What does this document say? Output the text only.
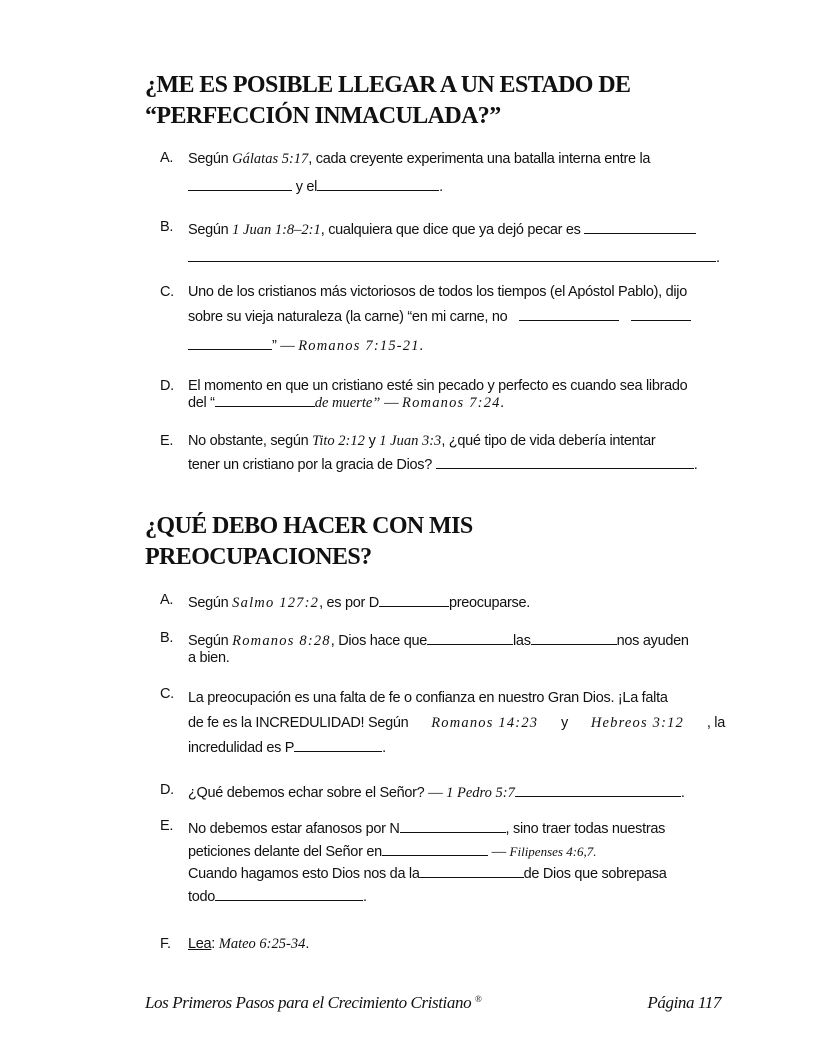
¿ME ES POSIBLE LLEGAR A UN ESTADO DE
“PERFECCIÓN INMACULADA?”
A.	Según Gálatas 5:17, cada creyente experimenta una batalla interna entre la
y el	.
B.	Según 1 Juan 1:8–2:1, cualquiera que dice que ya dejó pecar es
.
C. Uno de los cristianos más victoriosos de todos los tiempos (el Apóstol Pablo), dijo
sobre su vieja naturaleza (la carne) “en mi carne, no
” — Romanos 7:15-21.
D. El momento en que un cristiano esté sin pecado y perfecto es cuando sea librado
del “	de muerte” — Romanos 7:24.
E.	No obstante, según Tito 2:12 y 1 Juan 3:3, ¿qué tipo de vida debería intentar
tener un cristiano por la gracia de Dios?	.
¿QUÉ DEBO HACER CON MIS
PREOCUPACIONES?
A.	Según Salmo 127:2, es por D	preocuparse.
B.	Según Romanos 8:28, Dios hace que	las	nos ayuden
a bien.
C. La preocupación es una falta de fe o confianza en nuestro Gran Dios. ¡La falta
de fe es la INCREDULIDAD! Según Romanos 14:23 y Hebreos 3:12 , la
incredulidad es P	.
D. ¿Qué debemos echar sobre el Señor? — 1 Pedro 5:7	.
E.	No debemos estar afanosos por N	, sino traer todas nuestras
peticiones delante del Señor en	— Filipenses 4:6,7.
Cuando hagamos esto Dios nos da la	de Dios que sobrepasa
todo	.
F.	Lea: Mateo 6:25-34.
Los Primeros Pasos para el Crecimiento Cristiano ®	Página 117
